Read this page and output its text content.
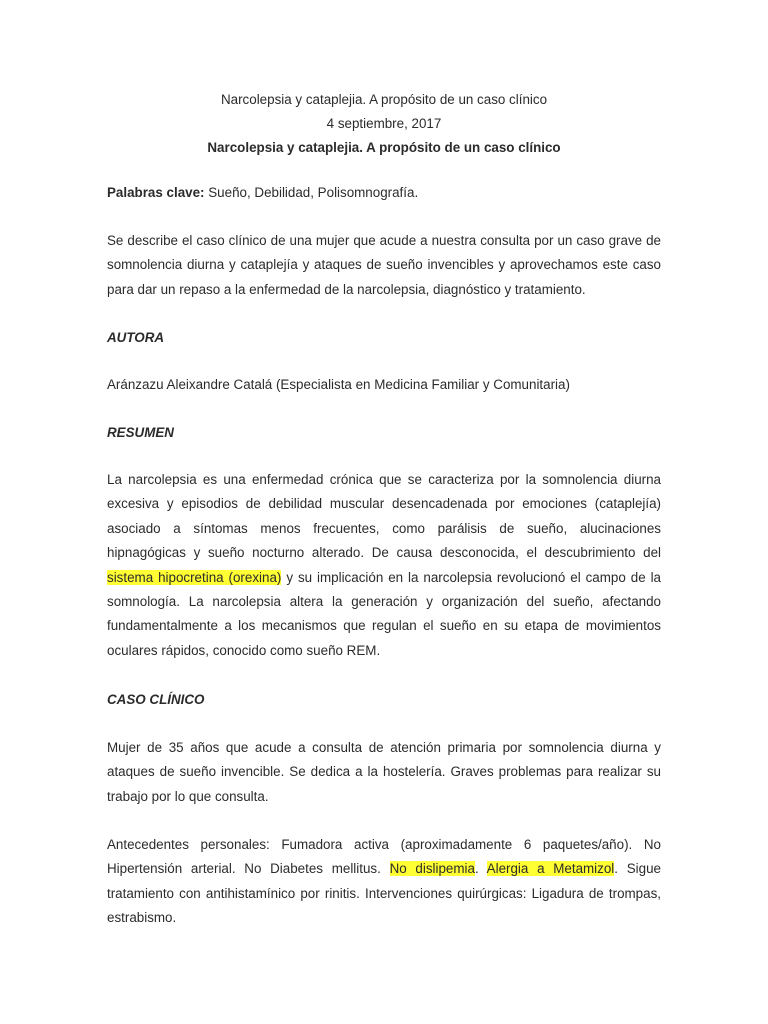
Narcolepsia y cataplejia. A propósito de un caso clínico
4 septiembre, 2017
Narcolepsia y cataplejia. A propósito de un caso clínico
Palabras clave: Sueño, Debilidad, Polisomnografía.

Se describe el caso clínico de una mujer que acude a nuestra consulta por un caso grave de somnolencia diurna y cataplejía y ataques de sueño invencibles y aprovechamos este caso para dar un repaso a la enfermedad de la narcolepsia, diagnóstico y tratamiento.

AUTORA
Aránzazu Aleixandre Catalá (Especialista en Medicina Familiar y Comunitaria)
RESUMEN

La narcolepsia es una enfermedad crónica que se caracteriza por la somnolencia diurna excesiva y episodios de debilidad muscular desencadenada por emociones (cataplejía) asociado a síntomas menos frecuentes, como parálisis de sueño, alucinaciones hipnagógicas y sueño nocturno alterado. De causa desconocida, el descubrimiento del sistema hipocretina (orexina) y su implicación en la narcolepsia revolucionó el campo de la somnología. La narcolepsia altera la generación y organización del sueño, afectando fundamentalmente a los mecanismos que regulan el sueño en su etapa de movimientos oculares rápidos, conocido como sueño REM.

CASO CLÍNICO

Mujer de 35 años que acude a consulta de atención primaria por somnolencia diurna y ataques de sueño invencible. Se dedica a la hostelería. Graves problemas para realizar su trabajo por lo que consulta.

Antecedentes personales: Fumadora activa (aproximadamente 6 paquetes/año). No Hipertensión arterial. No Diabetes mellitus. No dislipemia. Alergia a Metamizol. Sigue tratamiento con antihistamínico por rinitis. Intervenciones quirúrgicas: Ligadura de trompas, estrabismo.
